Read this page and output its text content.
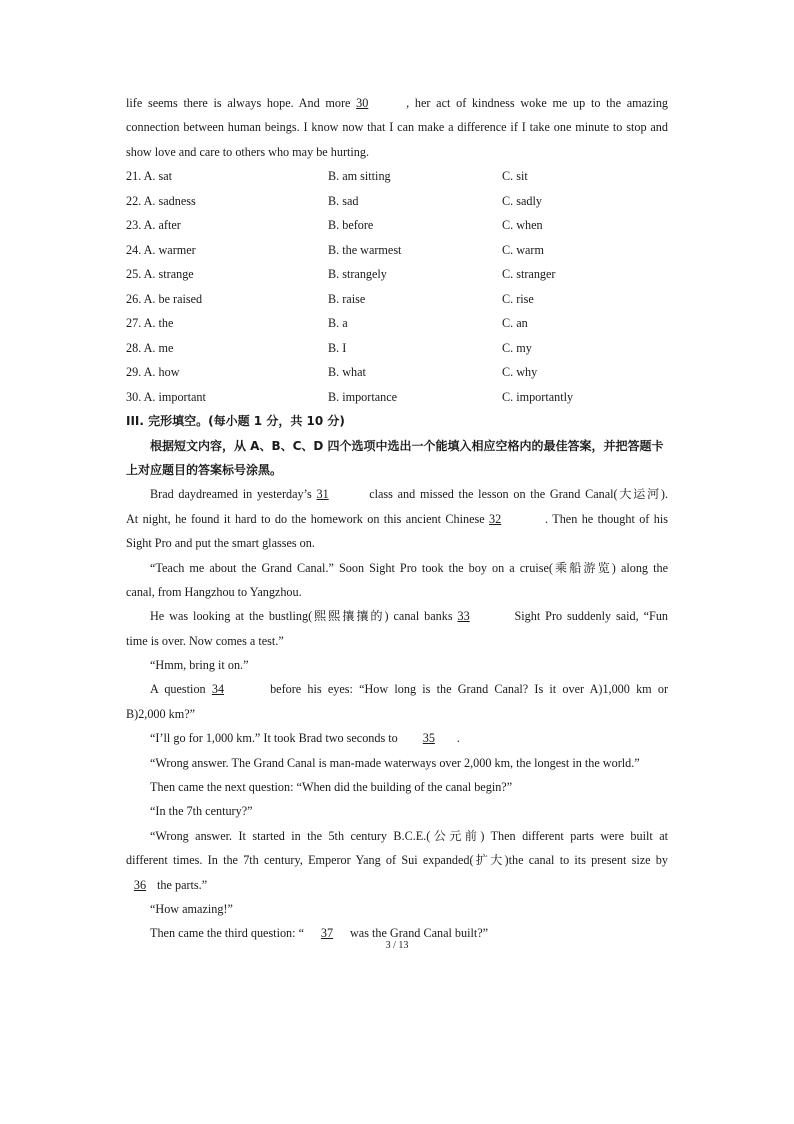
life seems there is always hope. And more 30	, her act of kindness woke me up to the amazing
connection between human beings. I know now that I can make a difference if I take one minute to stop and
show love and care to others who may be hurting.
21. A. sat	B. am sitting	C. sit
22. A. sadness	B. sad	C. sadly
23. A. after	B. before	C. when
24. A. warmer	B. the warmest	C. warm
25. A. strange	B. strangely	C. stranger
26. A. be raised	B. raise	C. rise
27. A. the	B. a	C. an
28. A. me	B. I	C. my
29. A. how	B. what	C. why
30. A. important	B. importance	C. importantly
III. 完形填空。(每小题 1 分，共 10 分)
根据短文内容，从 A、B、C、D 四个选项中选出一个能填入相应空格内的最佳答案，并把答题卡
上对应题目的答案标号涂黑。
Brad daydreamed in yesterday’s 31	class and missed the lesson on the Grand Canal(大运河).
At night, he found it hard to do the homework on this ancient Chinese 32	. Then he thought of his
Sight Pro and put the smart glasses on.
“Teach me about the Grand Canal.” Soon Sight Pro took the boy on a cruise(乘船游览) along the
canal, from Hangzhou to Yangzhou.
He was looking at the bustling(熙熙攘攘的) canal banks 33	Sight Pro suddenly said, “Fun
time is over. Now comes a test.”
“Hmm, bring it on.”
A question 34	before his eyes: “How long is the Grand Canal? Is it over A)1,000 km or
B)2,000 km?”
“I’ll go for 1,000 km.” It took Brad two seconds to 35 .
“Wrong answer. The Grand Canal is man-made waterways over 2,000 km, the longest in the world.”
Then came the next question: “When did the building of the canal begin?”
“In the 7th century?”
“Wrong answer. It started in the 5th century B.C.E.(公元前) Then different parts were built at
different times. In the 7th century, Emperor Yang of Sui expanded(扩大)the canal to its present size by
36 the parts.”
“How amazing!”
Then came the third question: “ 37 was the Grand Canal built?”
3 / 13
